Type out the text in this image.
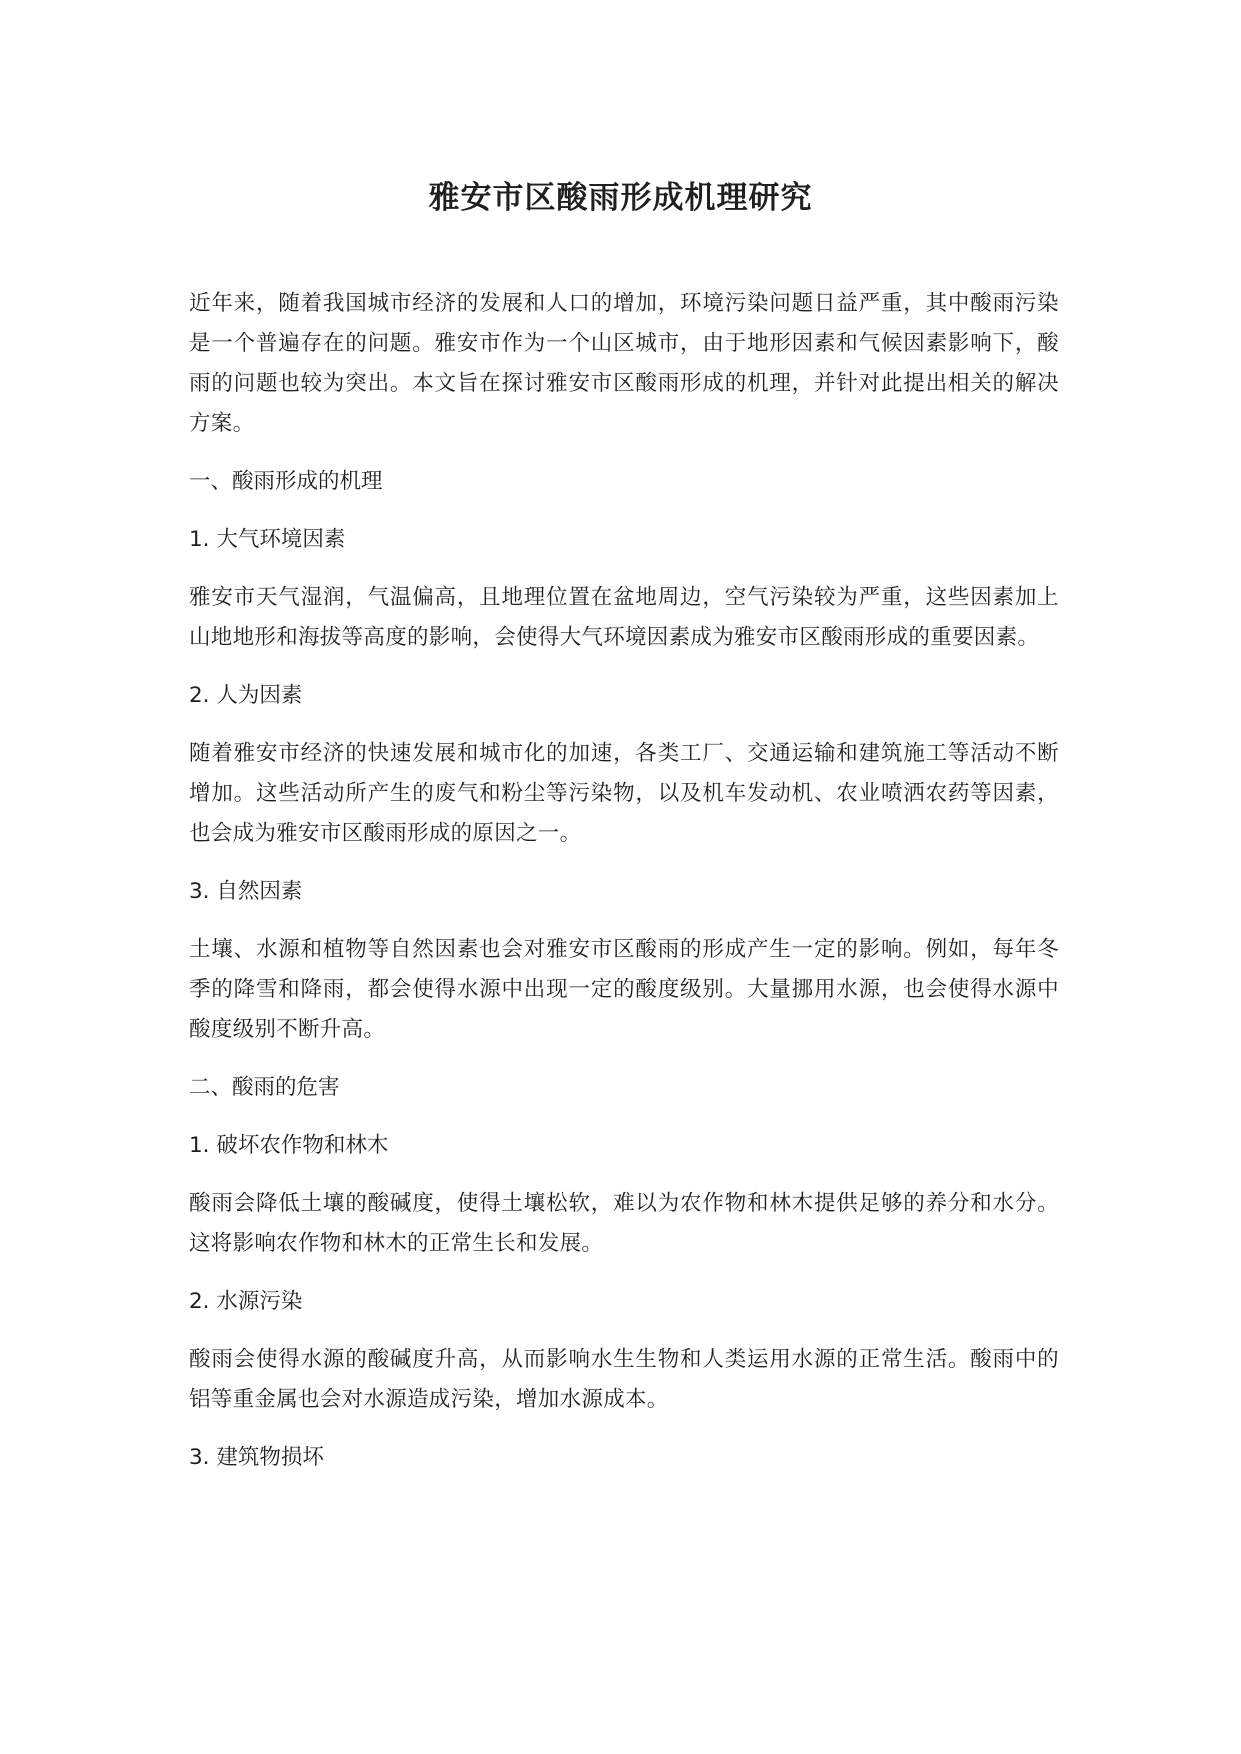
雅安市区酸雨形成机理研究

近年来，随着我国城市经济的发展和人口的增加，环境污染问题日益严重，其中酸雨污染是一个普遍存在的问题。雅安市作为一个山区城市，由于地形因素和气候因素影响下，酸雨的问题也较为突出。本文旨在探讨雅安市区酸雨形成的机理，并针对此提出相关的解决方案。

一、酸雨形成的机理

1. 大气环境因素

雅安市天气湿润，气温偏高，且地理位置在盆地周边，空气污染较为严重，这些因素加上山地地形和海拔等高度的影响，会使得大气环境因素成为雅安市区酸雨形成的重要因素。

2. 人为因素

随着雅安市经济的快速发展和城市化的加速，各类工厂、交通运输和建筑施工等活动不断增加。这些活动所产生的废气和粉尘等污染物，以及机车发动机、农业喷洒农药等因素，也会成为雅安市区酸雨形成的原因之一。

3. 自然因素

土壤、水源和植物等自然因素也会对雅安市区酸雨的形成产生一定的影响。例如，每年冬季的降雪和降雨，都会使得水源中出现一定的酸度级别。大量挪用水源，也会使得水源中酸度级别不断升高。

二、酸雨的危害

1. 破坏农作物和林木

酸雨会降低土壤的酸碱度，使得土壤松软，难以为农作物和林木提供足够的养分和水分。这将影响农作物和林木的正常生长和发展。

2. 水源污染

酸雨会使得水源的酸碱度升高，从而影响水生生物和人类运用水源的正常生活。酸雨中的铝等重金属也会对水源造成污染，增加水源成本。

3. 建筑物损坏
